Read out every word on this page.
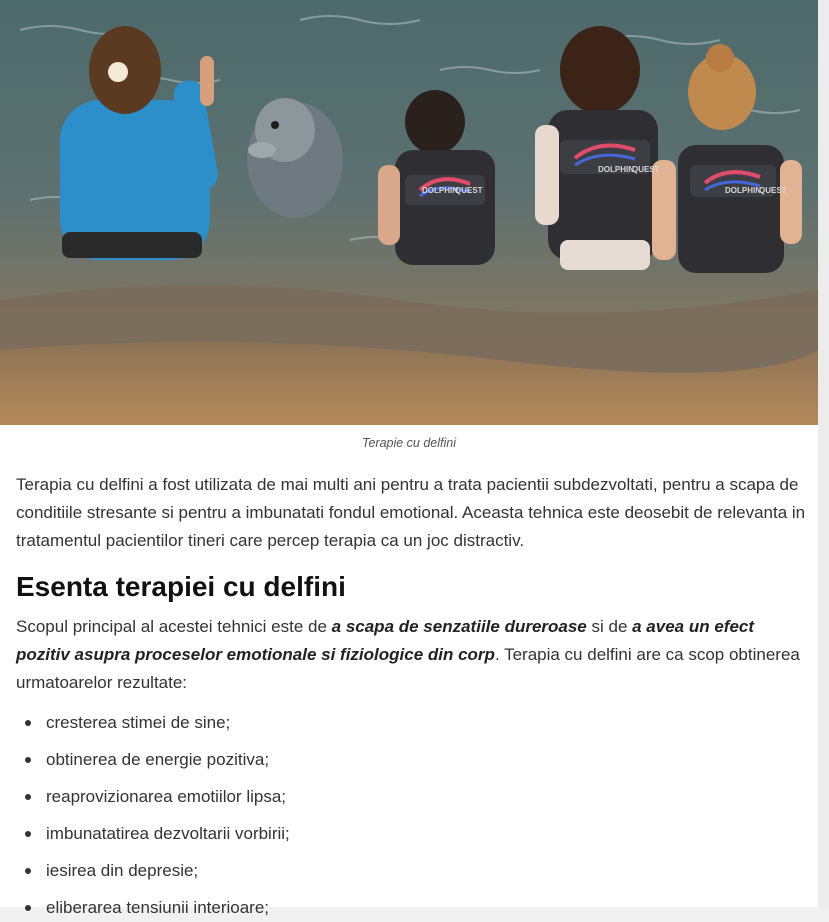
DOLPHIN
QUEST
DOLPHIN
QUEST
DOLPHIN
QUEST
Terapie cu delfini

Terapia cu delfini a fost utilizata de mai multi ani pentru a trata pacientii subdezvoltati, pentru a scapa de conditiile stresante si pentru a imbunatati fondul emotional. Aceasta tehnica este deosebit de relevanta in tratamentul pacientilor tineri care percep terapia ca un joc distractiv.

Esenta terapiei cu delfini

Scopul principal al acestei tehnici este de a scapa de senzatiile dureroase si de a avea un efect pozitiv asupra proceselor emotionale si fiziologice din corp. Terapia cu delfini are ca scop obtinerea urmatoarelor rezultate:

cresterea stimei de sine;
obtinerea de energie pozitiva;
reaprovizionarea emotiilor lipsa;
imbunatatirea dezvoltarii vorbirii;
iesirea din depresie;
eliberarea tensiunii interioare;
